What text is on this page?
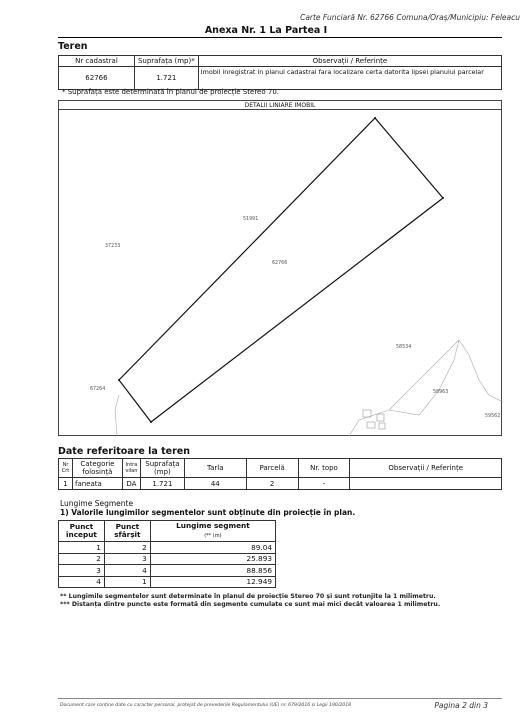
Carte Funciară Nr. 62766 Comuna/Oraș/Municipiu: Feleacu
Anexa Nr. 1 La Partea I
Teren
Nr cadastral	Suprafața (mp)*	Observații / Referințe
62766	1.721	Imobil inregistrat in planul cadastral fara localizare certa datorita lipsei planului parcelar
* Suprafața este determinată în planul de proiecție Stereo 70.
DETALII LINIARE IMOBIL
62766
51991
37233
67264
58534
58963
59562
Date referitoare la teren
Nr Crt	Categorie folosință	Intra vilan	Suprafața (mp)	Tarla	Parcelă	Nr. topo	Observații / Referințe
1	faneata	DA	1.721	44	2	-	
Lungime Segmente
1) Valorile lungimilor segmentelor sunt obținute din proiecție în plan.
Punct început	Punct sfârșit	Lungime segment
(** (m)
1	2	89.04
2	3	25.893
3	4	88.856
4	1	12.949
** Lungimile segmentelor sunt determinate în planul de proiecție Stereo 70 și sunt rotunjite la 1 milimetru.
*** Distanța dintre puncte este formată din segmente cumulate ce sunt mai mici decât valoarea 1 milimetru.
Document care conține date cu caracter personal, protejat de prevederile Regulamentului (UE) nr. 679/2016 și Legii 190/2018	Pagina 2 din 3
